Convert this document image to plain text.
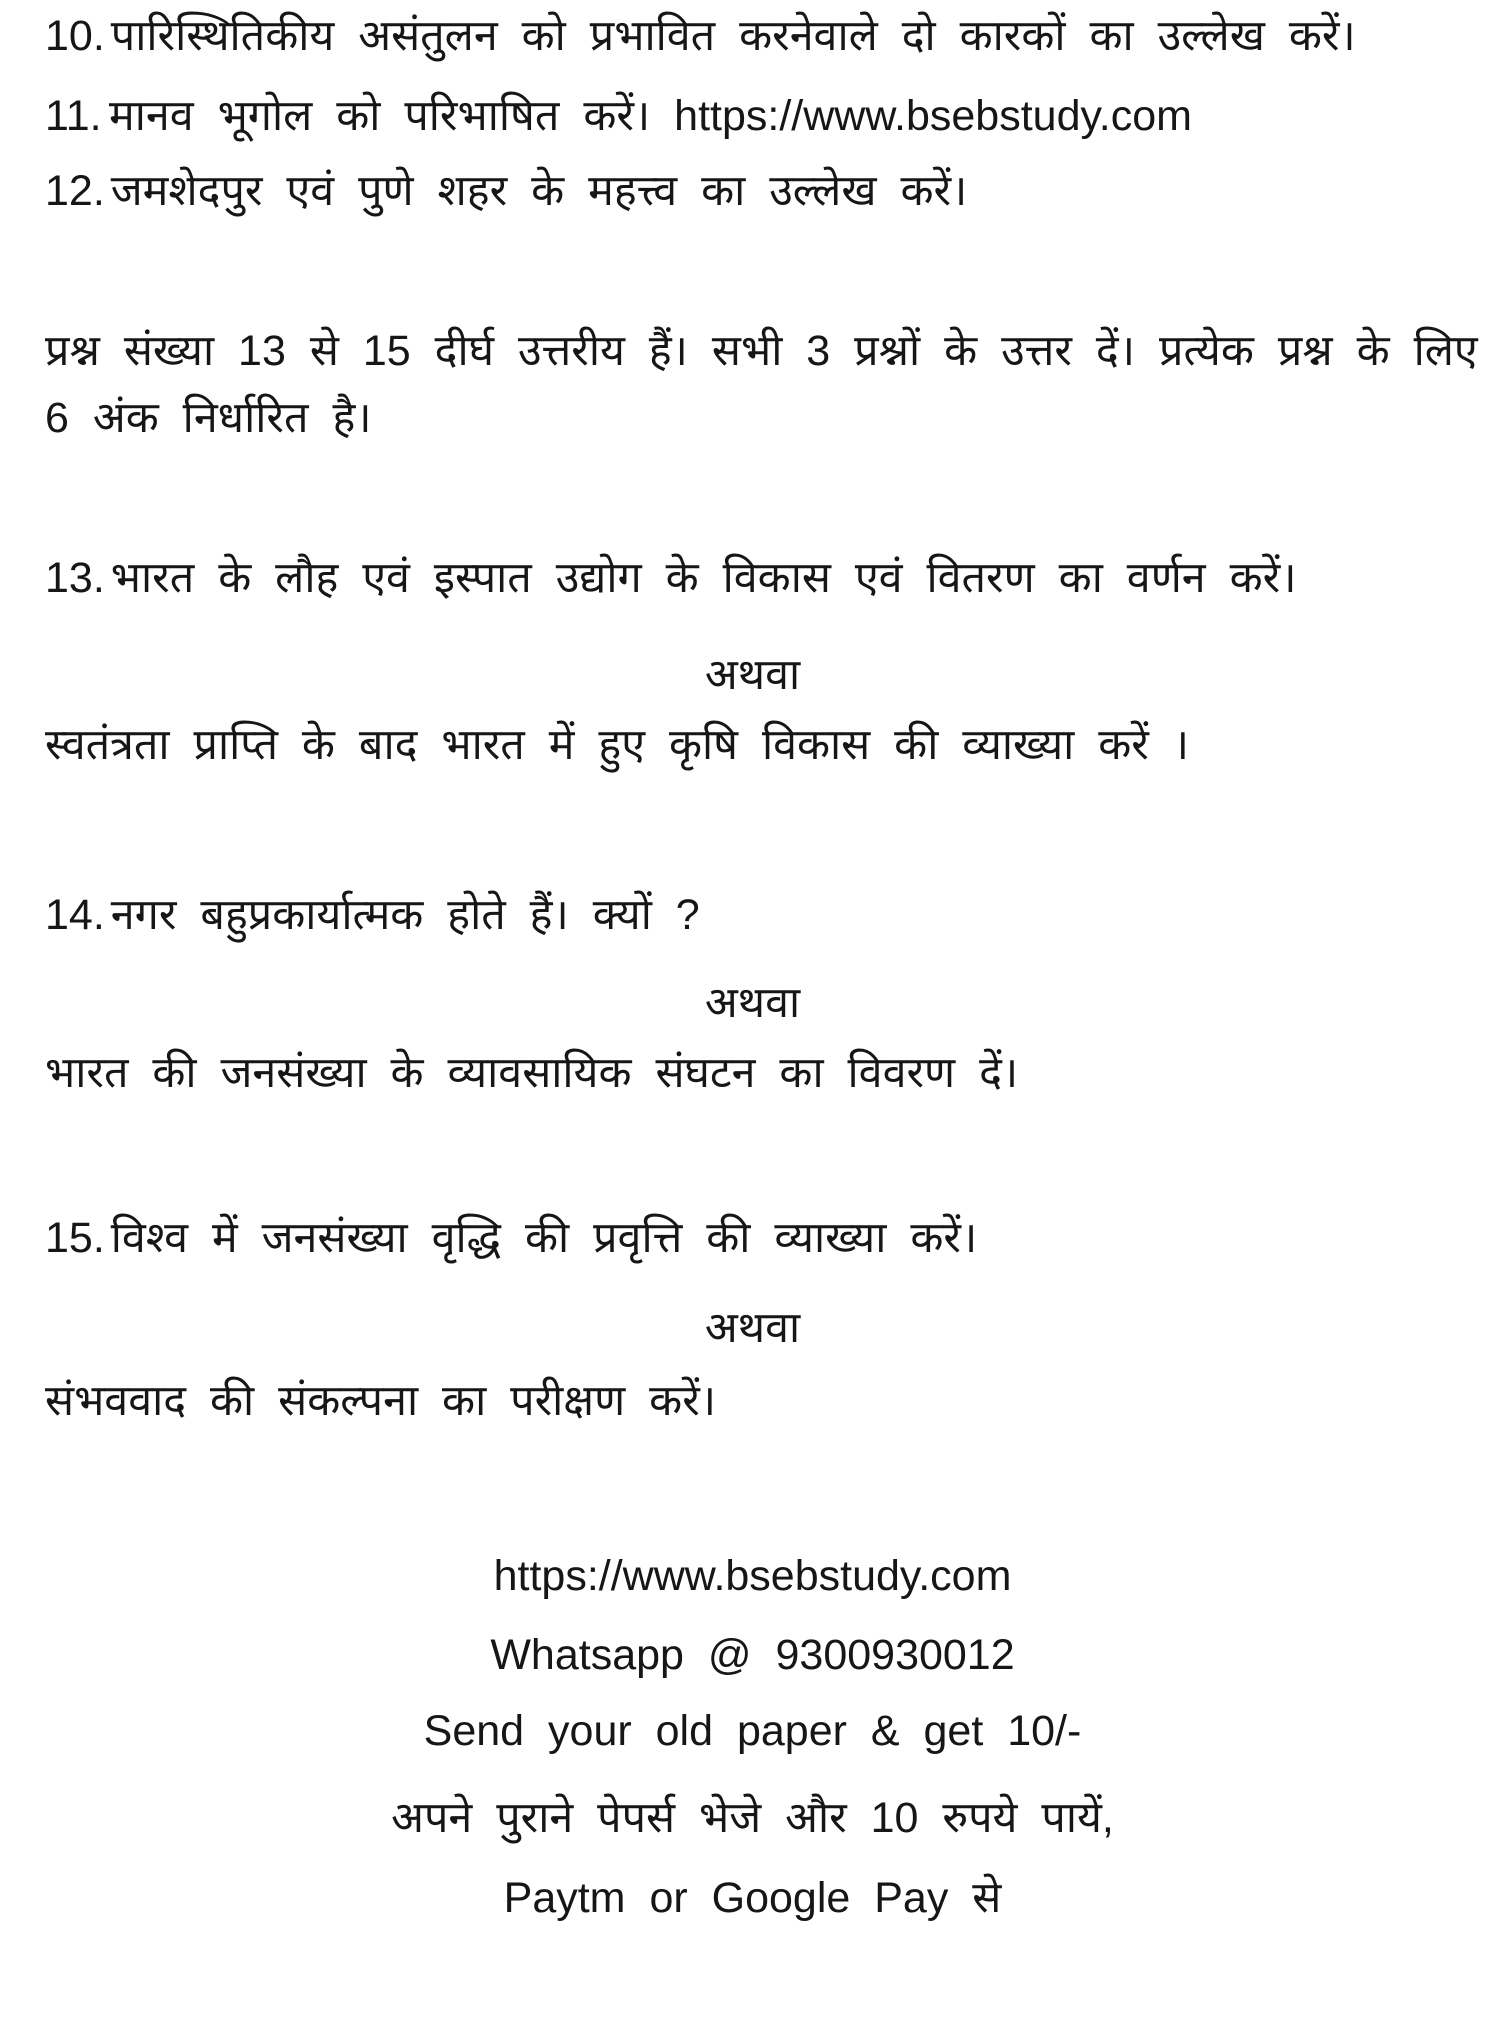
10. पारिस्थितिकीय असंतुलन को प्रभावित करनेवाले दो कारकों का उल्लेख करें।
11. मानव भूगोल को परिभाषित करें। https://www.bsebstudy.com
12. जमशेदपुर एवं पुणे शहर के महत्त्व का उल्लेख करें।
प्रश्न संख्या 13 से 15 दीर्घ उत्तरीय हैं। सभी 3 प्रश्नों के उत्तर दें। प्रत्येक प्रश्न के लिए
6 अंक निर्धारित है।
13. भारत के लौह एवं इस्पात उद्योग के विकास एवं वितरण का वर्णन करें।
अथवा
स्वतंत्रता प्राप्ति के बाद भारत में हुए कृषि विकास की व्याख्या करें ।
14. नगर बहुप्रकार्यात्मक होते हैं। क्यों ?
अथवा
भारत की जनसंख्या के व्यावसायिक संघटन का विवरण दें।
15. विश्व में जनसंख्या वृद्धि की प्रवृत्ति की व्याख्या करें।
अथवा
संभववाद की संकल्पना का परीक्षण करें।
https://www.bsebstudy.com
Whatsapp @ 9300930012
Send your old paper & get 10/-
अपने पुराने पेपर्स भेजे और 10 रुपये पायें,
Paytm or Google Pay से
